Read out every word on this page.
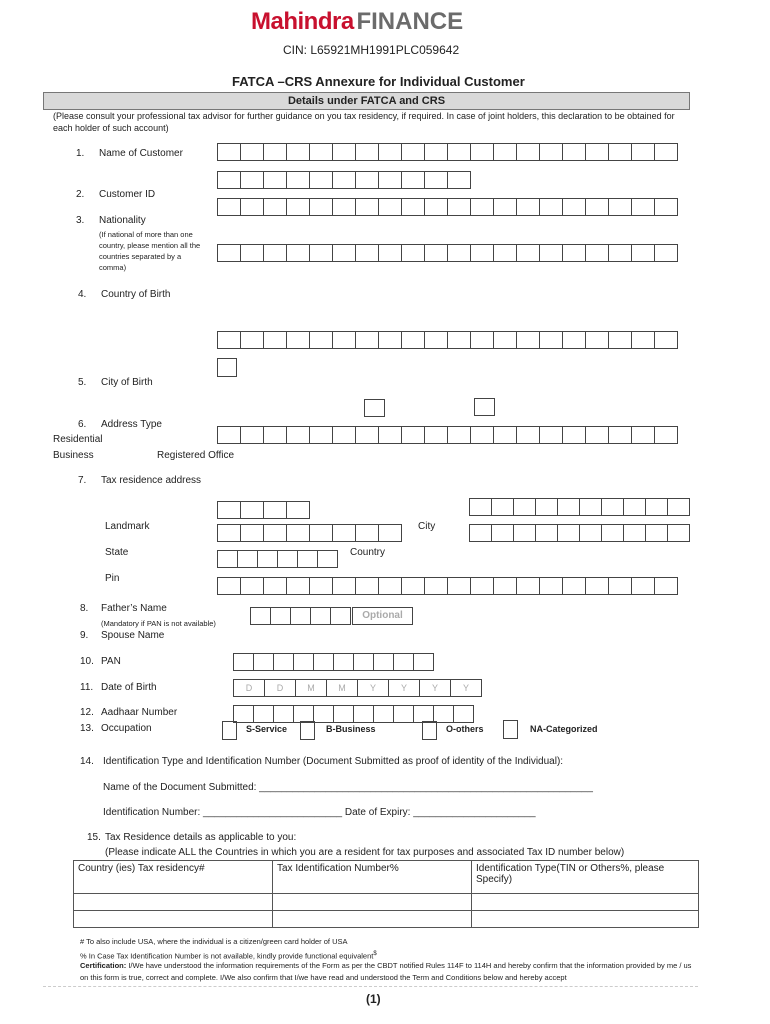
Mahindra FINANCE
CIN: L65921MH1991PLC059642
FATCA –CRS Annexure for Individual Customer
Details under FATCA and CRS
(Please consult your professional tax advisor for further guidance on you tax residency, if required. In case of joint holders, this declaration to be obtained for each holder of such account)
1. Name of Customer
2. Customer ID
3. Nationality
(If national of more than one country, please mention all the countries separated by a comma)
4. Country of Birth
5. City of Birth
6. Address Type
Residential
Business	Registered Office
7. Tax residence address
Landmark	City
State	Country
Pin
8. Father’s Name
(Mandatory if PAN is not available)
Optional
9. Spouse Name
10. PAN
11. Date of Birth	D	D	M	M	Y	Y	Y	Y
12. Aadhaar Number
13. Occupation	S-Service	B-Business	O-others	NA-Categorized
14. Identification Type and Identification Number (Document Submitted as proof of identity of the Individual):
Name of the Document Submitted: ____________________________________________________________
Identification Number: _________________________ Date of Expiry: ______________________
15. Tax Residence details as applicable to you:
(Please indicate ALL the Countries in which you are a resident for tax purposes and associated Tax ID number below)
Country (ies) Tax residency#	Tax Identification Number%	Identification Type(TIN or Others%, please Specify)

# To also include USA, where the individual is a citizen/green card holder of USA
% In Case Tax Identification Number is not available, kindly provide functional equivalent$
Certification: I/We have understood the information requirements of the Form as per the CBDT notified Rules 114F to 114H and hereby confirm that the information provided by me / us on this form is true, correct and complete. I/We also confirm that I/we have read and understood the Term and Conditions below and hereby accept
(1)
